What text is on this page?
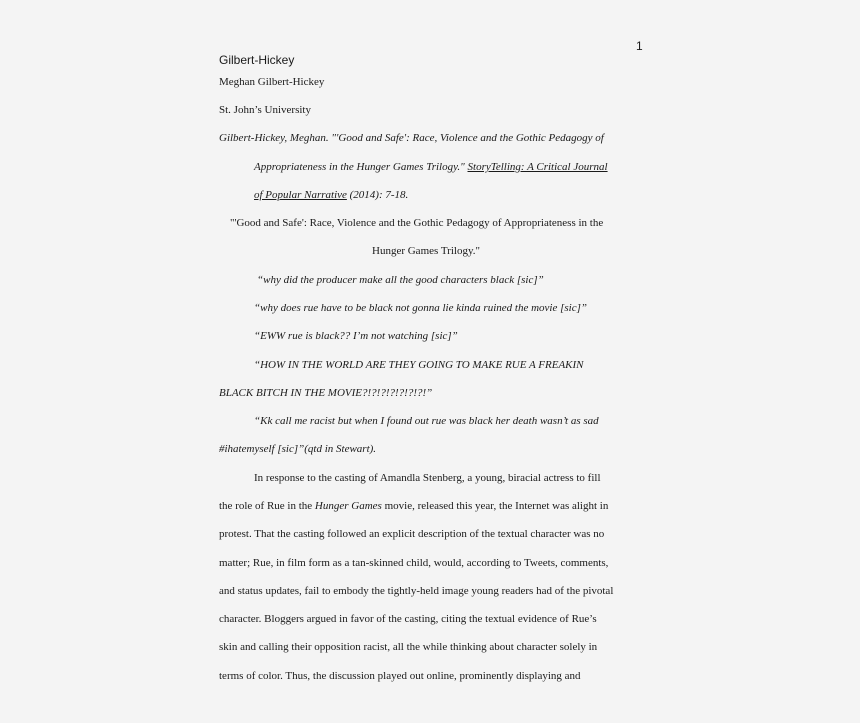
1
Gilbert-Hickey
Meghan Gilbert-Hickey
St. John’s University
Gilbert-Hickey, Meghan. "'Good and Safe': Race, Violence and the Gothic Pedagogy of
Appropriateness in the Hunger Games Trilogy." StoryTelling: A Critical Journal
of Popular Narrative (2014): 7-18.
"'Good and Safe': Race, Violence and the Gothic Pedagogy of Appropriateness in the
Hunger Games Trilogy."
“why did the producer make all the good characters black [sic]”
“why does rue have to be black not gonna lie kinda ruined the movie [sic]”
“EWW rue is black?? I’m not watching [sic]”
“HOW IN THE WORLD ARE THEY GOING TO MAKE RUE A FREAKIN
BLACK BITCH IN THE MOVIE?!?!?!?!?!?!?!”
“Kk call me racist but when I found out rue was black her death wasn’t as sad
#ihatemyself [sic]”(qtd in Stewart).
In response to the casting of Amandla Stenberg, a young, biracial actress to fill
the role of Rue in the Hunger Games movie, released this year, the Internet was alight in
protest. That the casting followed an explicit description of the textual character was no
matter; Rue, in film form as a tan-skinned child, would, according to Tweets, comments,
and status updates, fail to embody the tightly-held image young readers had of the pivotal
character. Bloggers argued in favor of the casting, citing the textual evidence of Rue’s
skin and calling their opposition racist, all the while thinking about character solely in
terms of color. Thus, the discussion played out online, prominently displaying and
